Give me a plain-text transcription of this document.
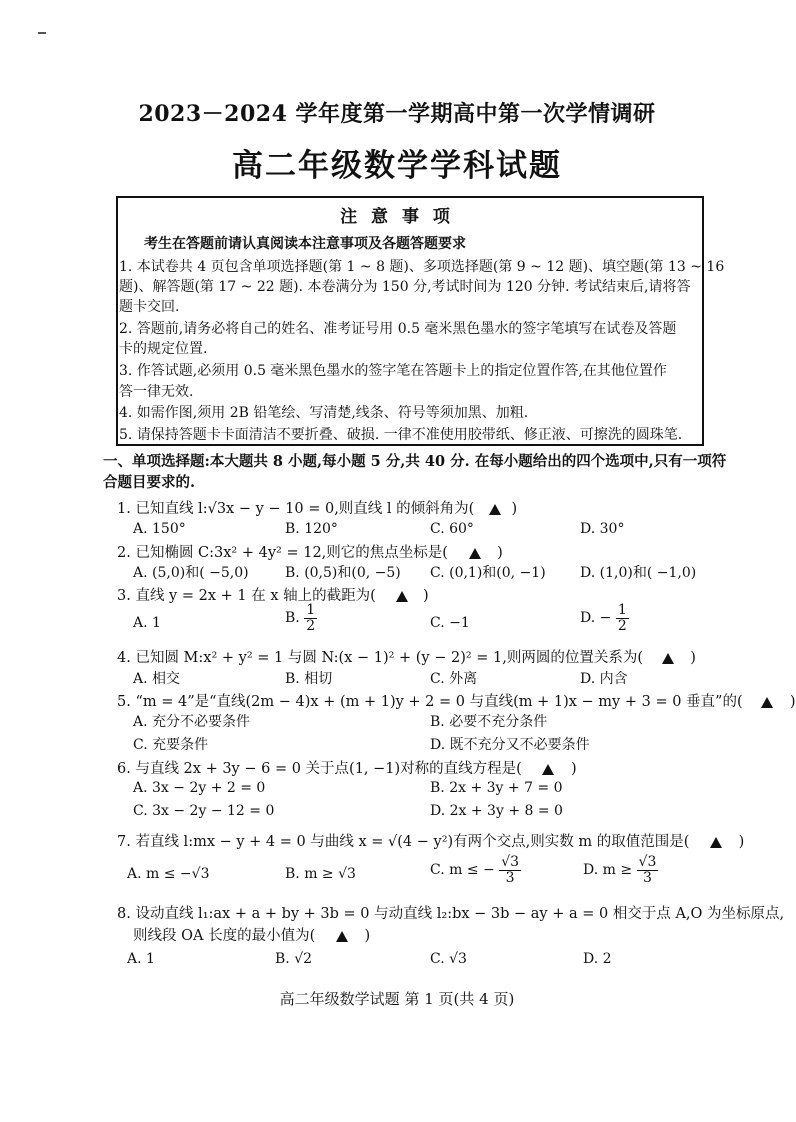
2023－2024 学年度第一学期高中第一次学情调研
高二年级数学学科试题
注 意 事 项
考生在答题前请认真阅读本注意事项及各题答题要求
1. 本试卷共 4 页包含单项选择题(第 1 ~ 8 题)、多项选择题(第 9 ~ 12 题)、填空题(第 13 ~ 16
题)、解答题(第 17 ~ 22 题). 本卷满分为 150 分,考试时间为 120 分钟. 考试结束后,请将答
题卡交回.
2. 答题前,请务必将自己的姓名、准考证号用 0.5 毫米黑色墨水的签字笔填写在试卷及答题
卡的规定位置.
3. 作答试题,必须用 0.5 毫米黑色墨水的签字笔在答题卡上的指定位置作答,在其他位置作
答一律无效.
4. 如需作图,须用 2B 铅笔绘、写清楚,线条、符号等须加黑、加粗.
5. 请保持答题卡卡面清洁不要折叠、破损. 一律不准使用胶带纸、修正液、可擦洗的圆珠笔.
一、单项选择题:本大题共 8 小题,每小题 5 分,共 40 分. 在每小题给出的四个选项中,只有一项符
合题目要求的.
1. 已知直线 l:√3x − y − 10 = 0,则直线 l 的倾斜角为(	)
A. 150°	B. 120°	C. 60°	D. 30°
2. 已知椭圆 C:3x² + 4y² = 12,则它的焦点坐标是(	)
A. (5,0)和( −5,0)	B. (0,5)和(0, −5) C. (0,1)和(0, −1) D. (1,0)和( −1,0)
3. 直线 y = 2x + 1 在 x 轴上的截距为(	)
A. 1	B. $\frac{1}{2}$	C. −1	D. − $\frac{1}{2}$
4. 已知圆 M:x² + y² = 1 与圆 N:(x − 1)² + (y − 2)² = 1,则两圆的位置关系为(	)
A. 相交	B. 相切	C. 外离	D. 内含
5. “m = 4”是“直线(2m − 4)x + (m + 1)y + 2 = 0 与直线(m + 1)x − my + 3 = 0 垂直”的(	)
A. 充分不必要条件	B. 必要不充分条件
C. 充要条件	D. 既不充分又不必要条件
6. 与直线 2x + 3y − 6 = 0 关于点(1, −1)对称的直线方程是(	)
A. 3x − 2y + 2 = 0	B. 2x + 3y + 7 = 0
C. 3x − 2y − 12 = 0	D. 2x + 3y + 8 = 0
7. 若直线 l:mx − y + 4 = 0 与曲线 x = √(4 − y²)有两个交点,则实数 m 的取值范围是(	)
A. m ≤ −√3	B. m ≥ √3	C. m ≤ − $\frac{√3}{3}$	D. $m \ge \frac{√3}{3}$
8. 设动直线 l₁:ax + a + by + 3b = 0 与动直线 l₂:bx − 3b − ay + a = 0 相交于点 A,O 为坐标原点,
则线段 OA 长度的最小值为(	)
A. 1	B. √2	C. √3	D. 2
高二年级数学试题 第 1 页(共 4 页)
